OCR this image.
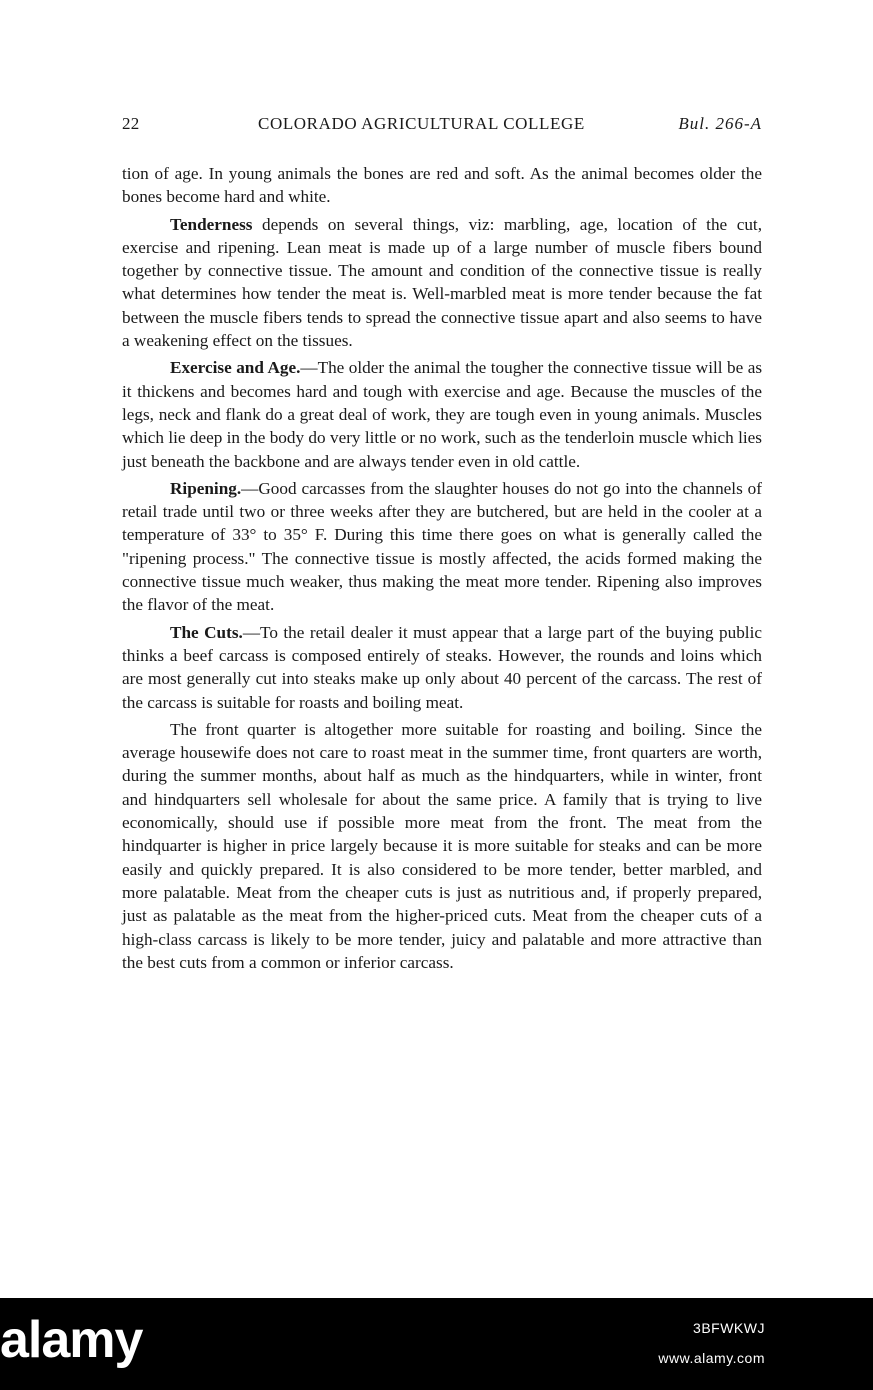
22	COLORADO AGRICULTURAL COLLEGE	Bul. 266-A

tion of age. In young animals the bones are red and soft. As the animal becomes older the bones become hard and white.

Tenderness depends on several things, viz: marbling, age, location of the cut, exercise and ripening. Lean meat is made up of a large number of muscle fibers bound together by connective tissue. The amount and condition of the connective tissue is really what determines how tender the meat is. Well-marbled meat is more tender because the fat between the muscle fibers tends to spread the connective tissue apart and also seems to have a weakening effect on the tissues.

Exercise and Age.—The older the animal the tougher the connective tissue will be as it thickens and becomes hard and tough with exercise and age. Because the muscles of the legs, neck and flank do a great deal of work, they are tough even in young animals. Muscles which lie deep in the body do very little or no work, such as the tenderloin muscle which lies just beneath the backbone and are always tender even in old cattle.

Ripening.—Good carcasses from the slaughter houses do not go into the channels of retail trade until two or three weeks after they are butchered, but are held in the cooler at a temperature of 33° to 35° F. During this time there goes on what is generally called the "ripening process." The connective tissue is mostly affected, the acids formed making the connective tissue much weaker, thus making the meat more tender. Ripening also improves the flavor of the meat.

The Cuts.—To the retail dealer it must appear that a large part of the buying public thinks a beef carcass is composed entirely of steaks. However, the rounds and loins which are most generally cut into steaks make up only about 40 percent of the carcass. The rest of the carcass is suitable for roasts and boiling meat.

The front quarter is altogether more suitable for roasting and boiling. Since the average housewife does not care to roast meat in the summer time, front quarters are worth, during the summer months, about half as much as the hindquarters, while in winter, front and hindquarters sell wholesale for about the same price. A family that is trying to live economically, should use if possible more meat from the front. The meat from the hindquarter is higher in price largely because it is more suitable for steaks and can be more easily and quickly prepared. It is also considered to be more tender, better marbled, and more palatable. Meat from the cheaper cuts is just as nutritious and, if properly prepared, just as palatable as the meat from the higher-priced cuts. Meat from the cheaper cuts of a high-class carcass is likely to be more tender, juicy and palatable and more attractive than the best cuts from a common or inferior carcass.

alamy	3BFWKWJ
www.alamy.com
